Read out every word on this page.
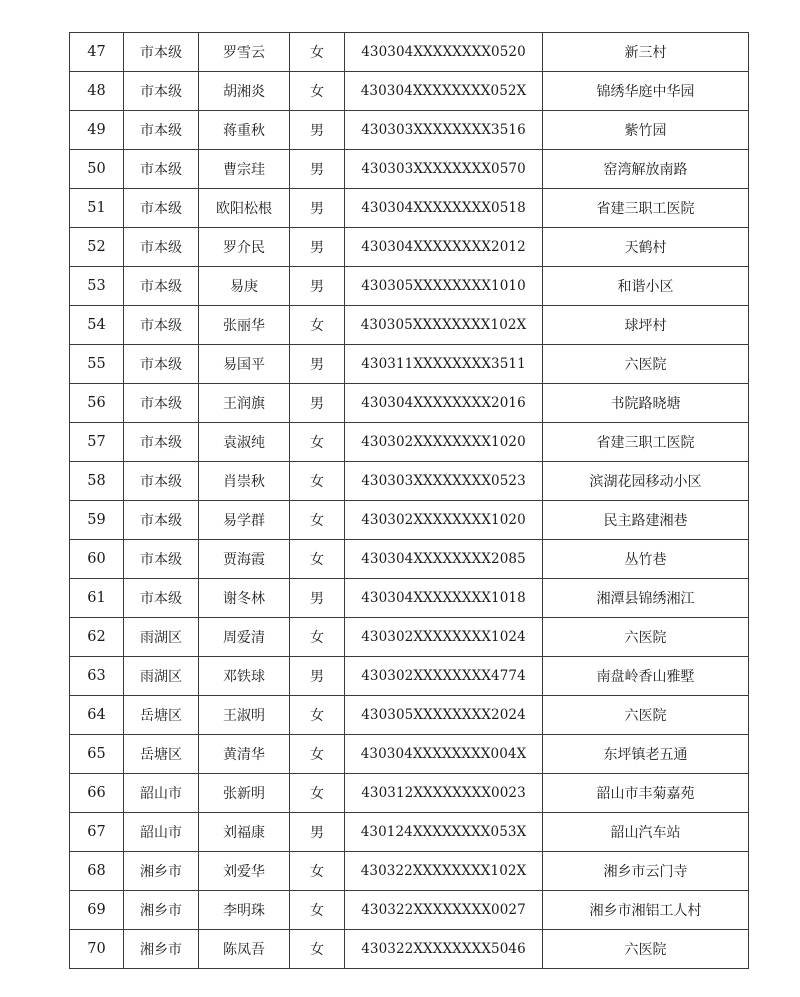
47	市本级	罗雪云	女	430304XXXXXXXX0520	新三村
48	市本级	胡湘炎	女	430304XXXXXXXX052X	锦绣华庭中华园
49	市本级	蒋重秋	男	430303XXXXXXXX3516	紫竹园
50	市本级	曹宗珪	男	430303XXXXXXXX0570	窑湾解放南路
51	市本级	欧阳松根	男	430304XXXXXXXX0518	省建三职工医院
52	市本级	罗介民	男	430304XXXXXXXX2012	天鹤村
53	市本级	易庚	男	430305XXXXXXXX1010	和谐小区
54	市本级	张丽华	女	430305XXXXXXXX102X	球坪村
55	市本级	易国平	男	430311XXXXXXXX3511	六医院
56	市本级	王润旗	男	430304XXXXXXXX2016	书院路晓塘
57	市本级	袁淑纯	女	430302XXXXXXXX1020	省建三职工医院
58	市本级	肖崇秋	女	430303XXXXXXXX0523	滨湖花园移动小区
59	市本级	易学群	女	430302XXXXXXXX1020	民主路建湘巷
60	市本级	贾海霞	女	430304XXXXXXXX2085	丛竹巷
61	市本级	谢冬林	男	430304XXXXXXXX1018	湘潭县锦绣湘江
62	雨湖区	周爱清	女	430302XXXXXXXX1024	六医院
63	雨湖区	邓铁球	男	430302XXXXXXXX4774	南盘岭香山雅墅
64	岳塘区	王淑明	女	430305XXXXXXXX2024	六医院
65	岳塘区	黄清华	女	430304XXXXXXXX004X	东坪镇老五通
66	韶山市	张新明	女	430312XXXXXXXX0023	韶山市丰菊嘉苑
67	韶山市	刘福康	男	430124XXXXXXXX053X	韶山汽车站
68	湘乡市	刘爱华	女	430322XXXXXXXX102X	湘乡市云门寺
69	湘乡市	李明珠	女	430322XXXXXXXX0027	湘乡市湘铝工人村
70	湘乡市	陈凤吾	女	430322XXXXXXXX5046	六医院
